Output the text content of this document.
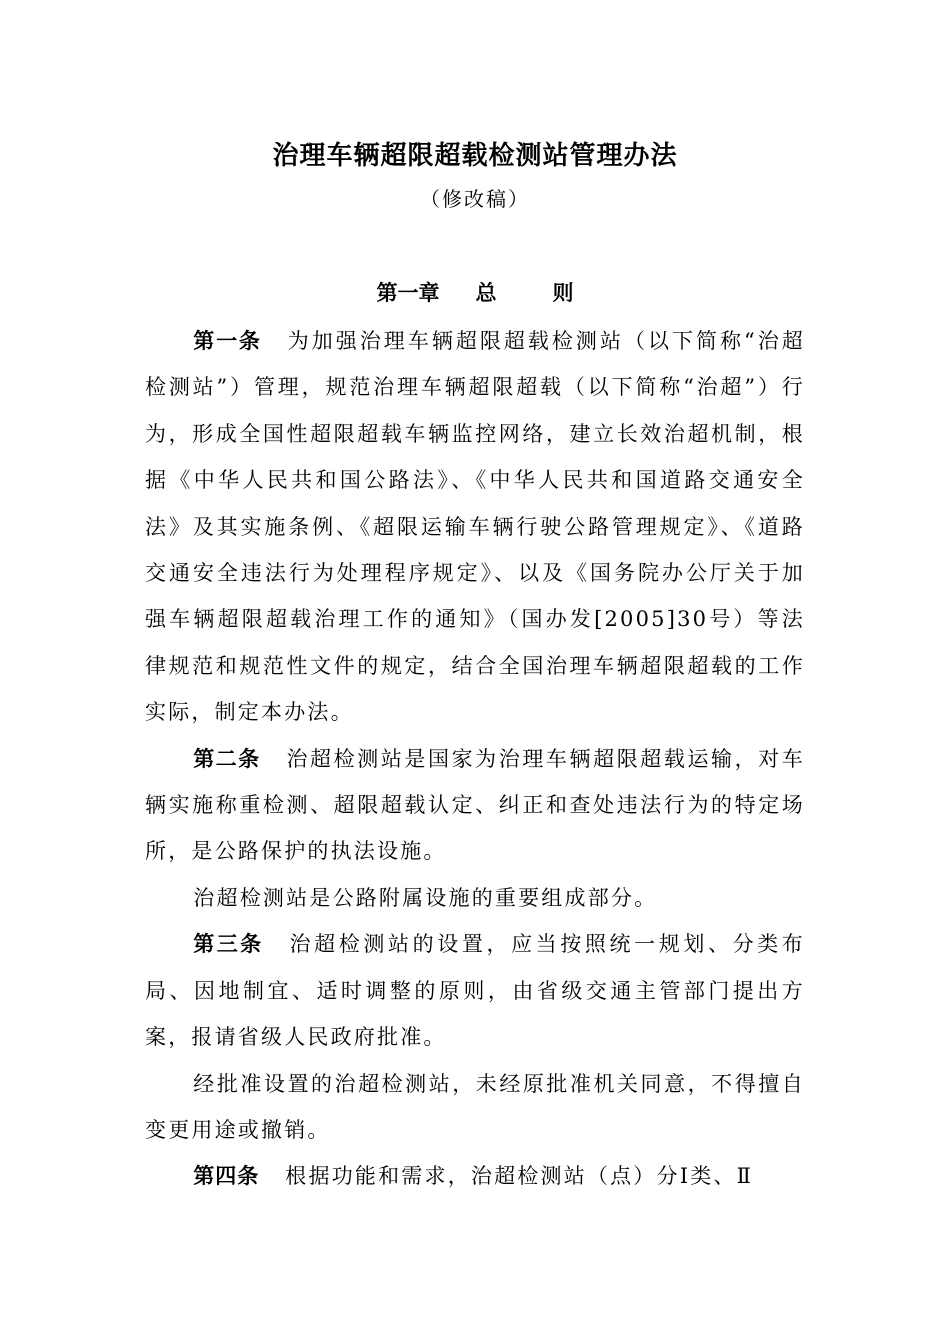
治理车辆超限超载检测站管理办法
（修改稿）
第一章 总	则

第一条 为加强治理车辆超限超载检测站（以下简称“治超检测站”）管理，规范治理车辆超限超载（以下简称“治超”）行为，形成全国性超限超载车辆监控网络，建立长效治超机制，根据《中华人民共和国公路法》、《中华人民共和国道路交通安全法》及其实施条例、《超限运输车辆行驶公路管理规定》、《道路交通安全违法行为处理程序规定》、以及《国务院办公厅关于加强车辆超限超载治理工作的通知》（国办发[2005]30号）等法律规范和规范性文件的规定，结合全国治理车辆超限超载的工作实际，制定本办法。

第二条 治超检测站是国家为治理车辆超限超载运输，对车辆实施称重检测、超限超载认定、纠正和查处违法行为的特定场所，是公路保护的执法设施。

治超检测站是公路附属设施的重要组成部分。

第三条 治超检测站的设置，应当按照统一规划、分类布局、因地制宜、适时调整的原则，由省级交通主管部门提出方案，报请省级人民政府批准。

经批准设置的治超检测站，未经原批准机关同意，不得擅自变更用途或撤销。

第四条 根据功能和需求，治超检测站（点）分Ⅰ类、Ⅱ
